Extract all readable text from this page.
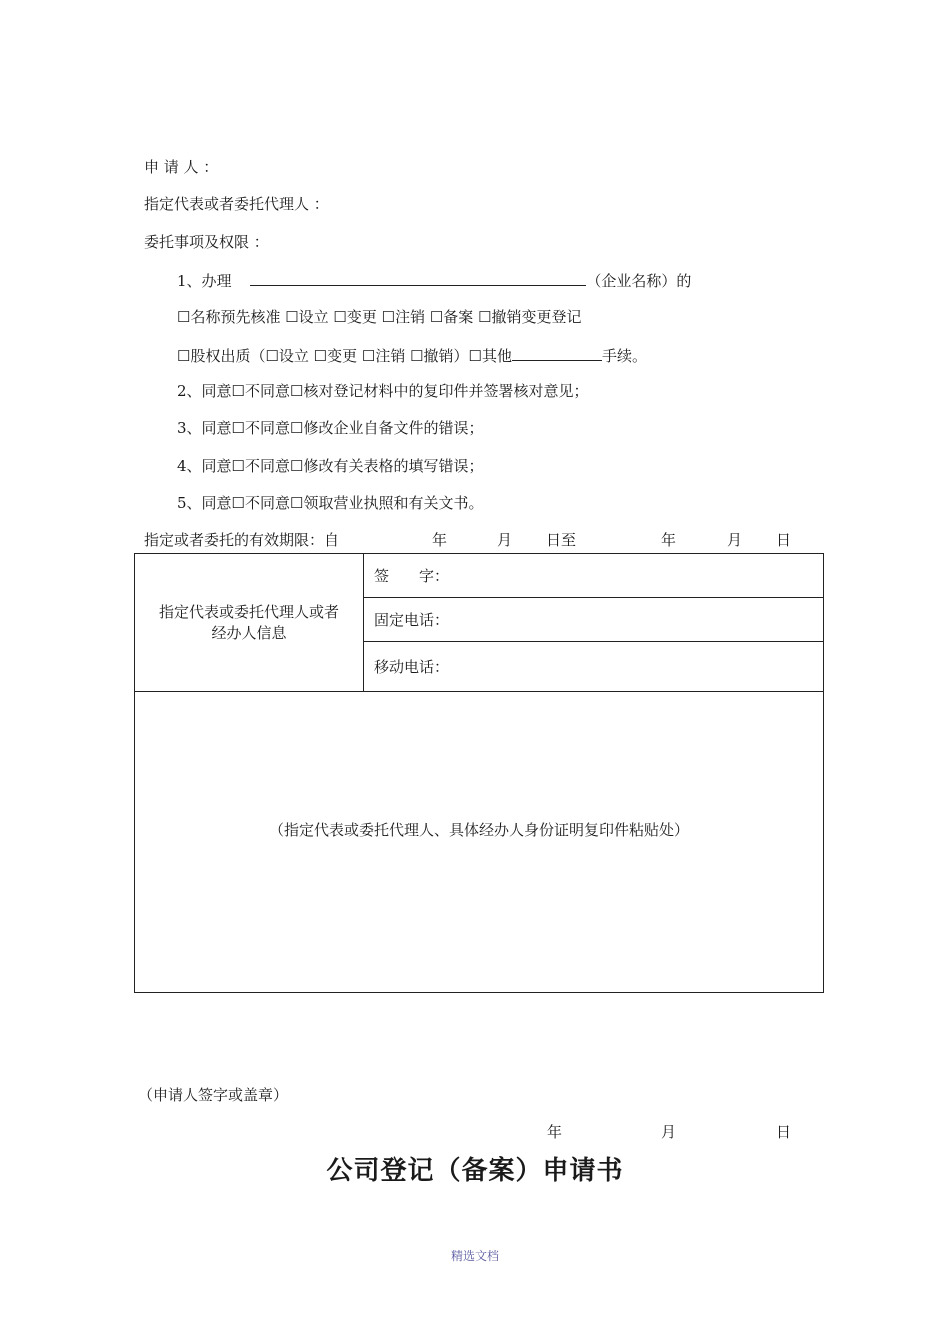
申 请 人 ：
指定代表或者委托代理人 ：
委托事项及权限 ：
1、办理	（企业名称）的
☐名称预先核准 ☐设立 ☐变更 ☐注销 ☐备案 ☐撤销变更登记
☐股权出质（☐设立 ☐变更 ☐注销 ☐撤销）☐其他	手续。
2、同意☐不同意☐核对登记材料中的复印件并签署核对意见；
3、同意☐不同意☐修改企业自备文件的错误；
4、同意☐不同意☐修改有关表格的填写错误；
5、同意☐不同意☐领取营业执照和有关文书。
指定或者委托的有效期限：自	年	月 日至	年	月 日
指定代表或委托代理人或者
经办人信息
签　　字：
固定电话：
移动电话：
（指定代表或委托代理人、具体经办人身份证明复印件粘贴处）
（申请人签字或盖章）
年	月	日
公司登记（备案）申请书
精选文档
